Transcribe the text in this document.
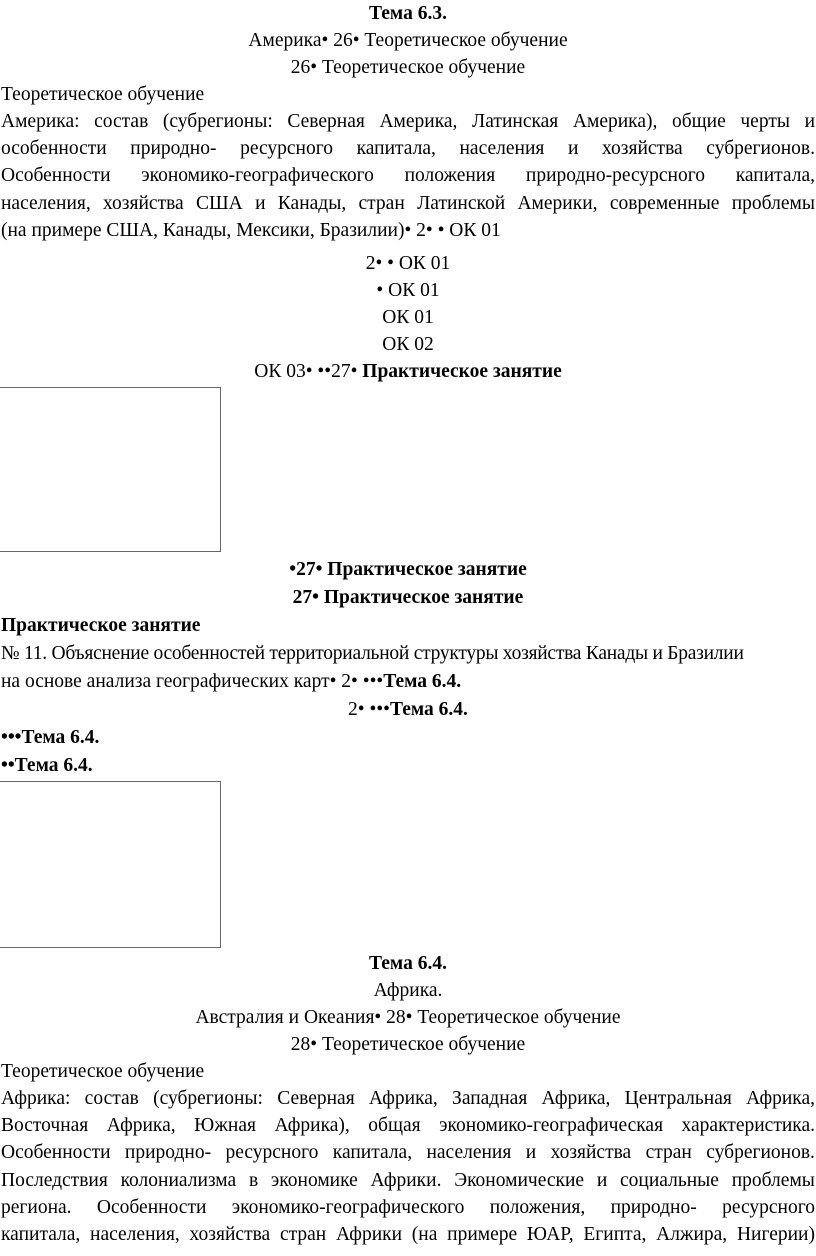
Тема 6.3.
Америка• 26• Теоретическое обучение
26• Теоретическое обучение
Теоретическое обучение
Америка: состав (субрегионы: Северная Америка, Латинская Америка), общие черты и
особенности природно- ресурсного капитала, населения и хозяйства субрегионов.
Особенности экономико-географического положения природно-ресурсного капитала,
населения, хозяйства США и Канады, стран Латинской Америки, современные проблемы
(на примере США, Канады, Мексики, Бразилии)• 2• • ОК 01
2• • ОК 01
• ОК 01
ОК 01
ОК 02
ОК 03• ••27• Практическое занятие
•27• Практическое занятие
27• Практическое занятие
Практическое занятие
№ 11. Объяснение особенностей территориальной структуры хозяйства Канады и Бразилии
на основе анализа географических карт• 2• •••Тема 6.4.
2• •••Тема 6.4.
•••Тема 6.4.
••Тема 6.4.
Тема 6.4.
Африка.
Австралия и Океания• 28• Теоретическое обучение
28• Теоретическое обучение
Теоретическое обучение
Африка: состав (субрегионы: Северная Африка, Западная Африка, Центральная Африка,
Восточная Африка, Южная Африка), общая экономико-географическая характеристика.
Особенности природно- ресурсного капитала, населения и хозяйства стран субрегионов.
Последствия колониализма в экономике Африки. Экономические и социальные проблемы
региона. Особенности экономико-географического положения, природно- ресурсного
капитала, населения, хозяйства стран Африки (на примере ЮАР, Египта, Алжира, Нигерии)
